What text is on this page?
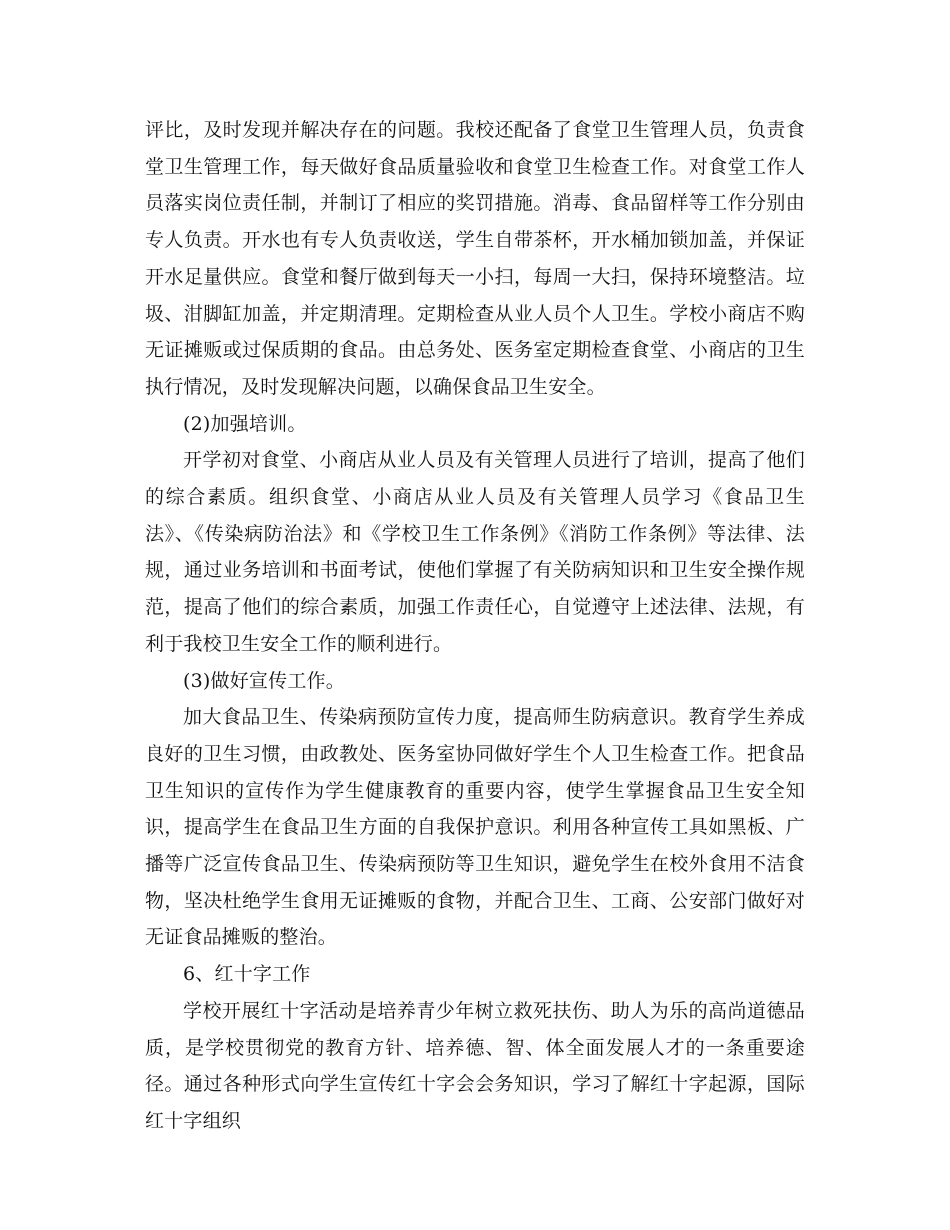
评比，及时发现并解决存在的问题。我校还配备了食堂卫生管理人员，负责食堂卫生管理工作，每天做好食品质量验收和食堂卫生检查工作。对食堂工作人员落实岗位责任制，并制订了相应的奖罚措施。消毒、食品留样等工作分别由专人负责。开水也有专人负责收送，学生自带茶杯，开水桶加锁加盖，并保证开水足量供应。食堂和餐厅做到每天一小扫，每周一大扫，保持环境整洁。垃圾、泔脚缸加盖，并定期清理。定期检查从业人员个人卫生。学校小商店不购无证摊贩或过保质期的食品。由总务处、医务室定期检查食堂、小商店的卫生执行情况，及时发现解决问题，以确保食品卫生安全。

(2)加强培训。

开学初对食堂、小商店从业人员及有关管理人员进行了培训，提高了他们的综合素质。组织食堂、小商店从业人员及有关管理人员学习《食品卫生法》、《传染病防治法》和《学校卫生工作条例》《消防工作条例》等法律、法规，通过业务培训和书面考试，使他们掌握了有关防病知识和卫生安全操作规范，提高了他们的综合素质，加强工作责任心，自觉遵守上述法律、法规，有利于我校卫生安全工作的顺利进行。

(3)做好宣传工作。

加大食品卫生、传染病预防宣传力度，提高师生防病意识。教育学生养成良好的卫生习惯，由政教处、医务室协同做好学生个人卫生检查工作。把食品卫生知识的宣传作为学生健康教育的重要内容，使学生掌握食品卫生安全知识，提高学生在食品卫生方面的自我保护意识。利用各种宣传工具如黑板、广播等广泛宣传食品卫生、传染病预防等卫生知识，避免学生在校外食用不洁食物，坚决杜绝学生食用无证摊贩的食物，并配合卫生、工商、公安部门做好对无证食品摊贩的整治。

6、红十字工作

学校开展红十字活动是培养青少年树立救死扶伤、助人为乐的高尚道德品质，是学校贯彻党的教育方针、培养德、智、体全面发展人才的一条重要途径。通过各种形式向学生宣传红十字会会务知识，学习了解红十字起源，国际红十字组织
